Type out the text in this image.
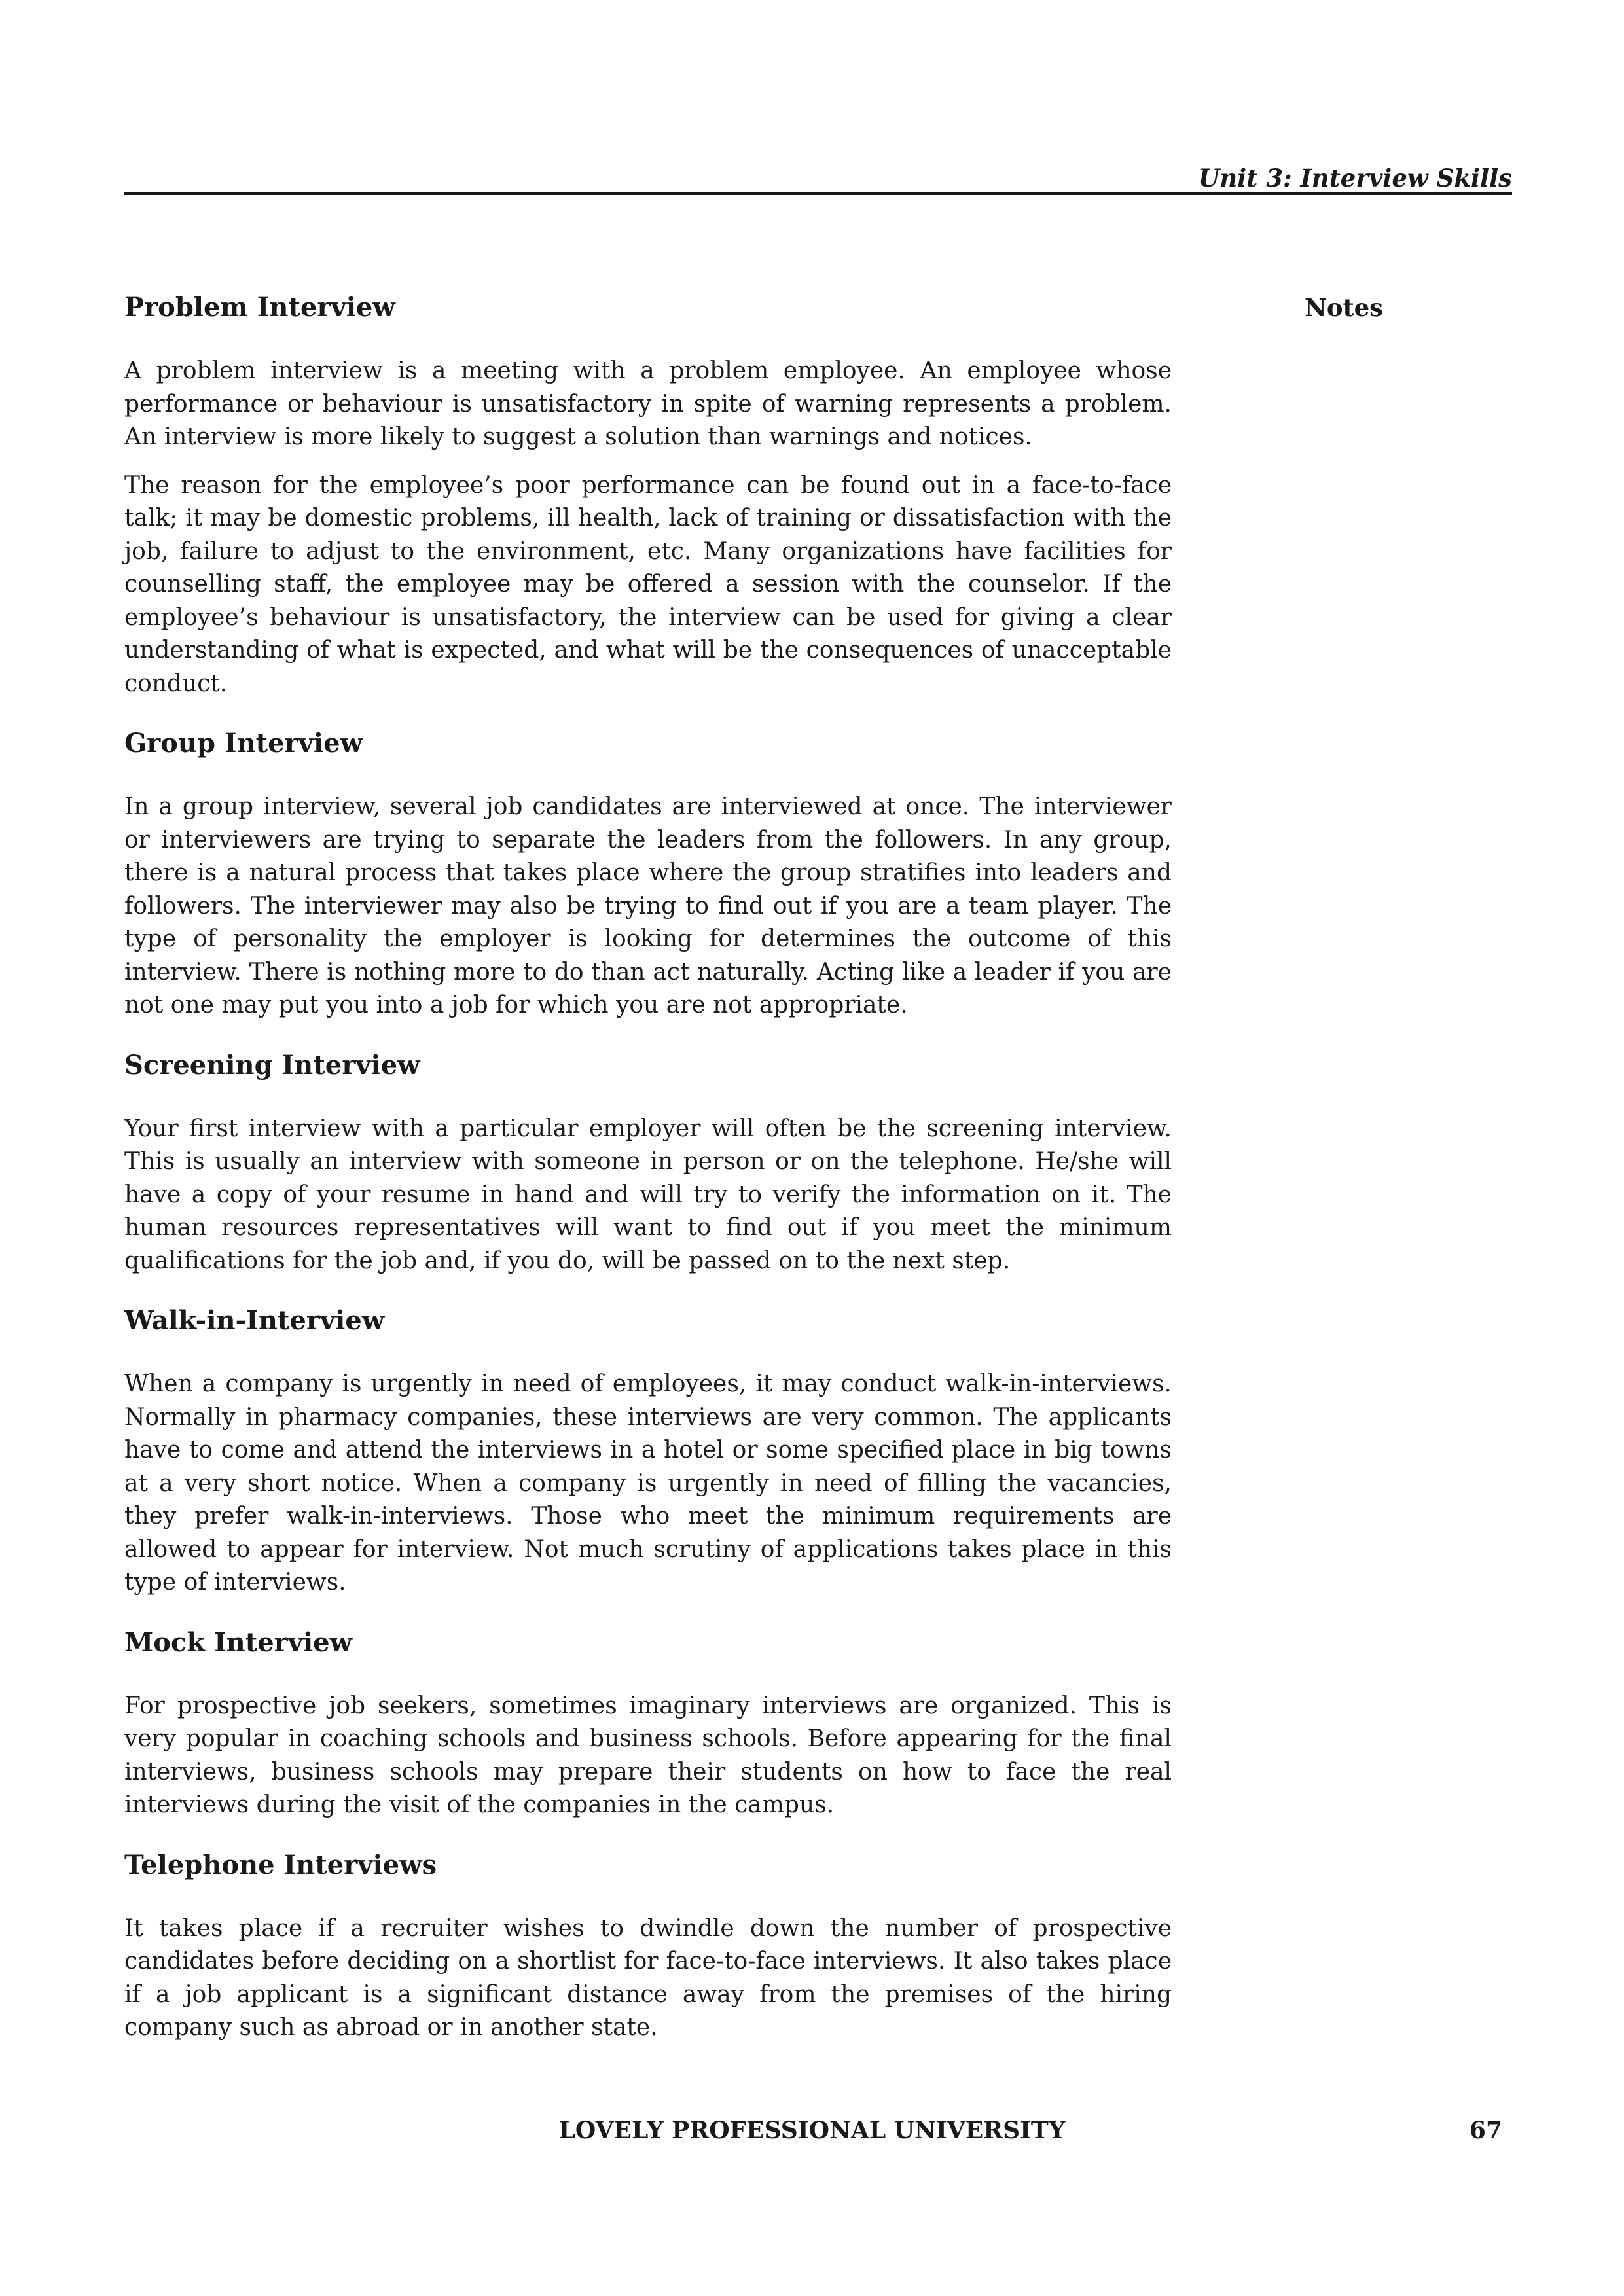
Unit 3: Interview Skills
Notes
Problem Interview

A problem interview is a meeting with a problem employee. An employee whose performance or behaviour is unsatisfactory in spite of warning represents a problem. An interview is more likely to suggest a solution than warnings and notices.

The reason for the employee’s poor performance can be found out in a face-to-face talk; it may be domestic problems, ill health, lack of training or dissatisfaction with the job, failure to adjust to the environment, etc. Many organizations have facilities for counselling staff, the employee may be offered a session with the counselor. If the employee’s behaviour is unsatisfactory, the interview can be used for giving a clear understanding of what is expected, and what will be the consequences of unacceptable conduct.

Group Interview

In a group interview, several job candidates are interviewed at once. The interviewer or interviewers are trying to separate the leaders from the followers. In any group, there is a natural process that takes place where the group stratifies into leaders and followers. The interviewer may also be trying to find out if you are a team player. The type of personality the employer is looking for determines the outcome of this interview. There is nothing more to do than act naturally. Acting like a leader if you are not one may put you into a job for which you are not appropriate.

Screening Interview

Your first interview with a particular employer will often be the screening interview. This is usually an interview with someone in person or on the telephone. He/she will have a copy of your resume in hand and will try to verify the information on it. The human resources representatives will want to find out if you meet the minimum qualifications for the job and, if you do, will be passed on to the next step.

Walk-in-Interview

When a company is urgently in need of employees, it may conduct walk-in-interviews. Normally in pharmacy companies, these interviews are very common. The applicants have to come and attend the interviews in a hotel or some specified place in big towns at a very short notice. When a company is urgently in need of filling the vacancies, they prefer walk-in-interviews. Those who meet the minimum requirements are allowed to appear for interview. Not much scrutiny of applications takes place in this type of interviews.

Mock Interview

For prospective job seekers, sometimes imaginary interviews are organized. This is very popular in coaching schools and business schools. Before appearing for the final interviews, business schools may prepare their students on how to face the real interviews during the visit of the companies in the campus.

Telephone Interviews

It takes place if a recruiter wishes to dwindle down the number of prospective candidates before deciding on a shortlist for face-to-face interviews. It also takes place if a job applicant is a significant distance away from the premises of the hiring company such as abroad or in another state.

LOVELY PROFESSIONAL UNIVERSITY	67
